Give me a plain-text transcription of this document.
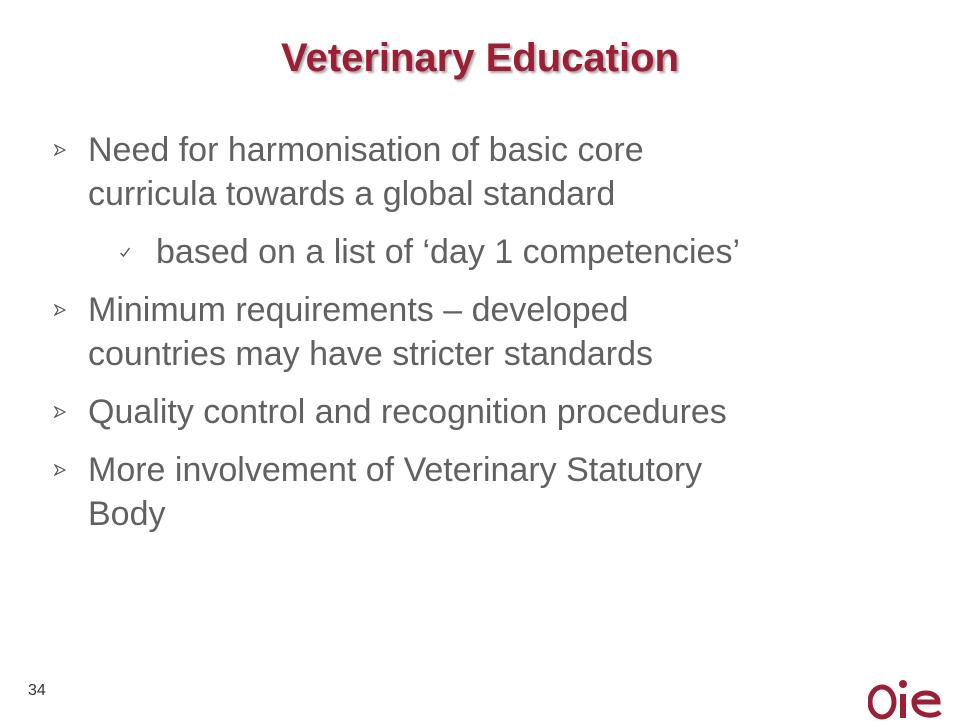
Veterinary Education
Need for harmonisation of basic core
curricula towards a global standard
based on a list of ‘day 1 competencies’
Minimum requirements – developed
countries may have stricter standards
Quality control and recognition procedures
More involvement of Veterinary Statutory
Body
34
